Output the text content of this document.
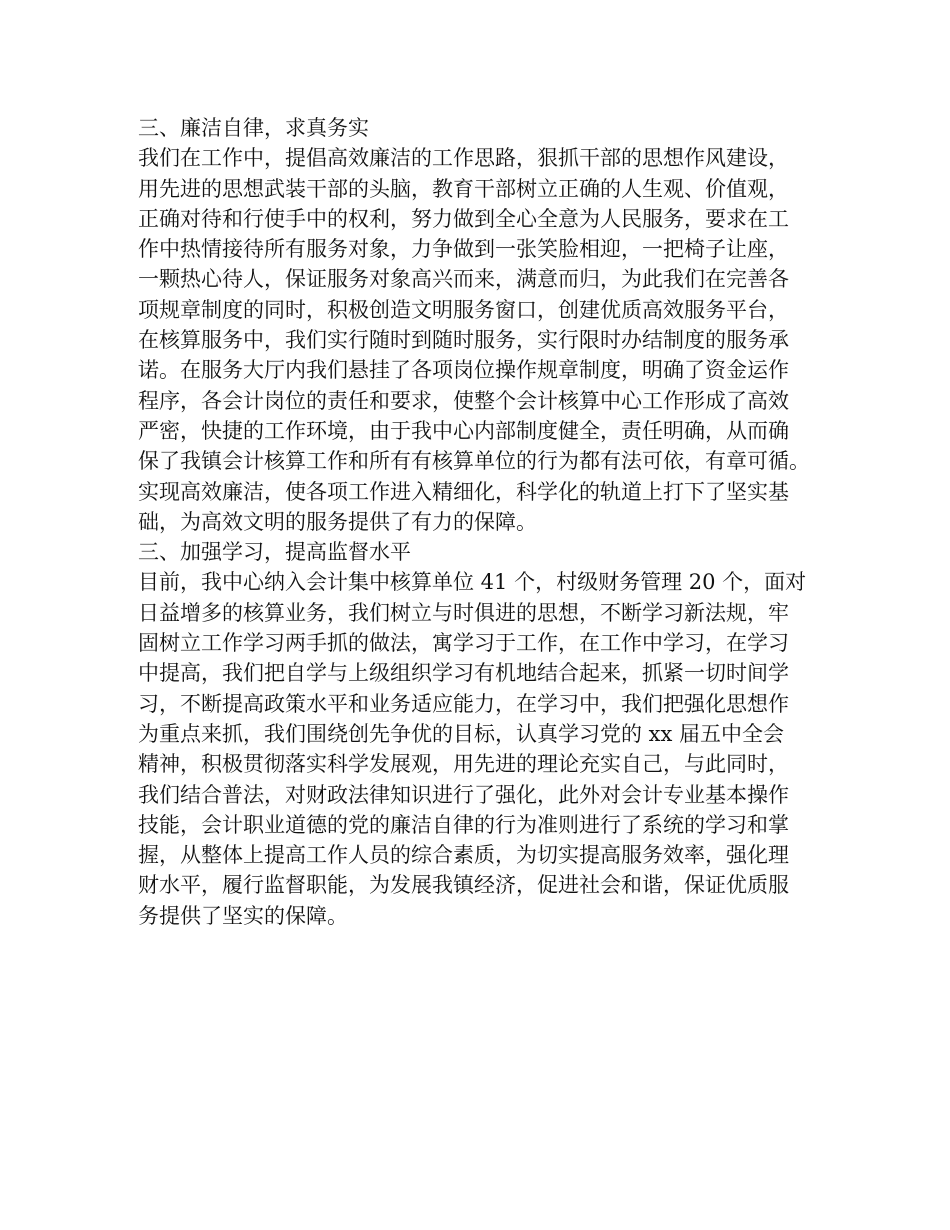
三、廉洁自律，求真务实
我们在工作中，提倡高效廉洁的工作思路，狠抓干部的思想作风建设，
用先进的思想武装干部的头脑，教育干部树立正确的人生观、价值观，
正确对待和行使手中的权利，努力做到全心全意为人民服务，要求在工
作中热情接待所有服务对象，力争做到一张笑脸相迎，一把椅子让座，
一颗热心待人，保证服务对象高兴而来，满意而归，为此我们在完善各
项规章制度的同时，积极创造文明服务窗口，创建优质高效服务平台，
在核算服务中，我们实行随时到随时服务，实行限时办结制度的服务承
诺。在服务大厅内我们悬挂了各项岗位操作规章制度，明确了资金运作
程序，各会计岗位的责任和要求，使整个会计核算中心工作形成了高效
严密，快捷的工作环境，由于我中心内部制度健全，责任明确，从而确
保了我镇会计核算工作和所有有核算单位的行为都有法可依，有章可循。
实现高效廉洁，使各项工作进入精细化，科学化的轨道上打下了坚实基
础，为高效文明的服务提供了有力的保障。
三、加强学习，提高监督水平
目前，我中心纳入会计集中核算单位 41 个，村级财务管理 20 个，面对
日益增多的核算业务，我们树立与时俱进的思想，不断学习新法规，牢
固树立工作学习两手抓的做法，寓学习于工作，在工作中学习，在学习
中提高，我们把自学与上级组织学习有机地结合起来，抓紧一切时间学
习，不断提高政策水平和业务适应能力，在学习中，我们把强化思想作
为重点来抓，我们围绕创先争优的目标，认真学习党的 xx 届五中全会
精神，积极贯彻落实科学发展观，用先进的理论充实自己，与此同时，
我们结合普法，对财政法律知识进行了强化，此外对会计专业基本操作
技能，会计职业道德的党的廉洁自律的行为准则进行了系统的学习和掌
握，从整体上提高工作人员的综合素质，为切实提高服务效率，强化理
财水平，履行监督职能，为发展我镇经济，促进社会和谐，保证优质服
务提供了坚实的保障。
